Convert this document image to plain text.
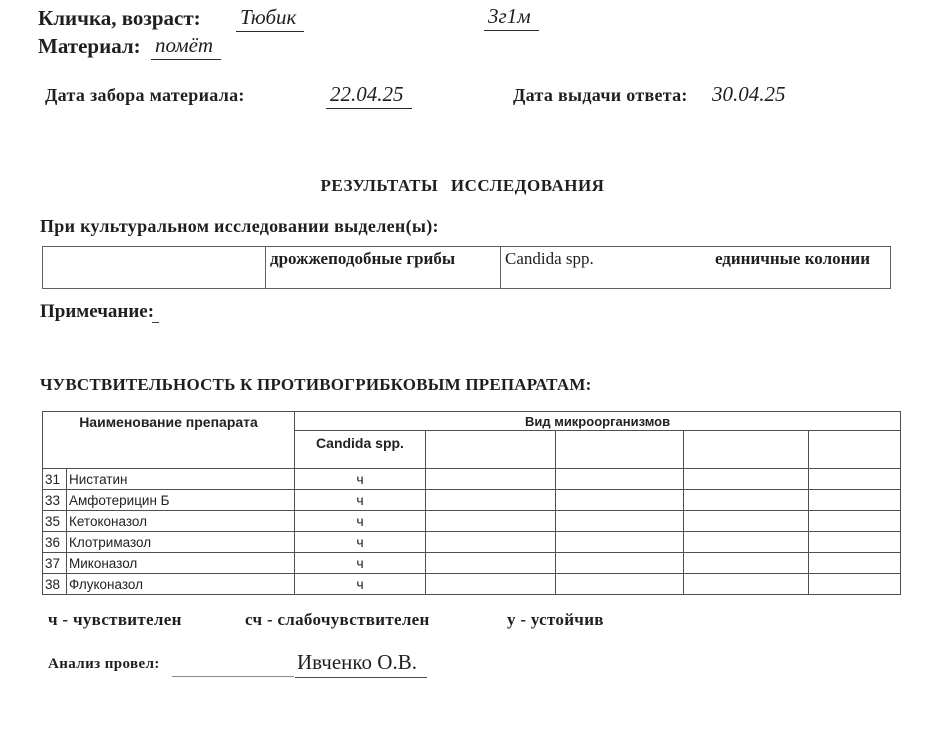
Кличка, возраст: Тюбик	3г1м
Материал: помёт
Дата забора материала:	22.04.25	Дата выдачи ответа: 30.04.25
РЕЗУЛЬТАТЫ ИССЛЕДОВАНИЯ
При культуральном исследовании выделен(ы):
	дрожжеподобные грибы	Candida spp.	единичные колонии
Примечание:
ЧУВСТВИТЕЛЬНОСТЬ К ПРОТИВОГРИБКОВЫМ ПРЕПАРАТАМ:
Наименование препарата		Вид микроорганизмов				
		Candida spp.				
31	Нистатин	ч				
33	Амфотерицин Б	ч				
35	Кетоконазол	ч				
36	Клотримазол	ч				
37	Миконазол	ч				
38	Флуконазол	ч				
ч - чувствителен	сч - слабочувствителен	у - устойчив
Анализ провел:	Ивченко О.В.
